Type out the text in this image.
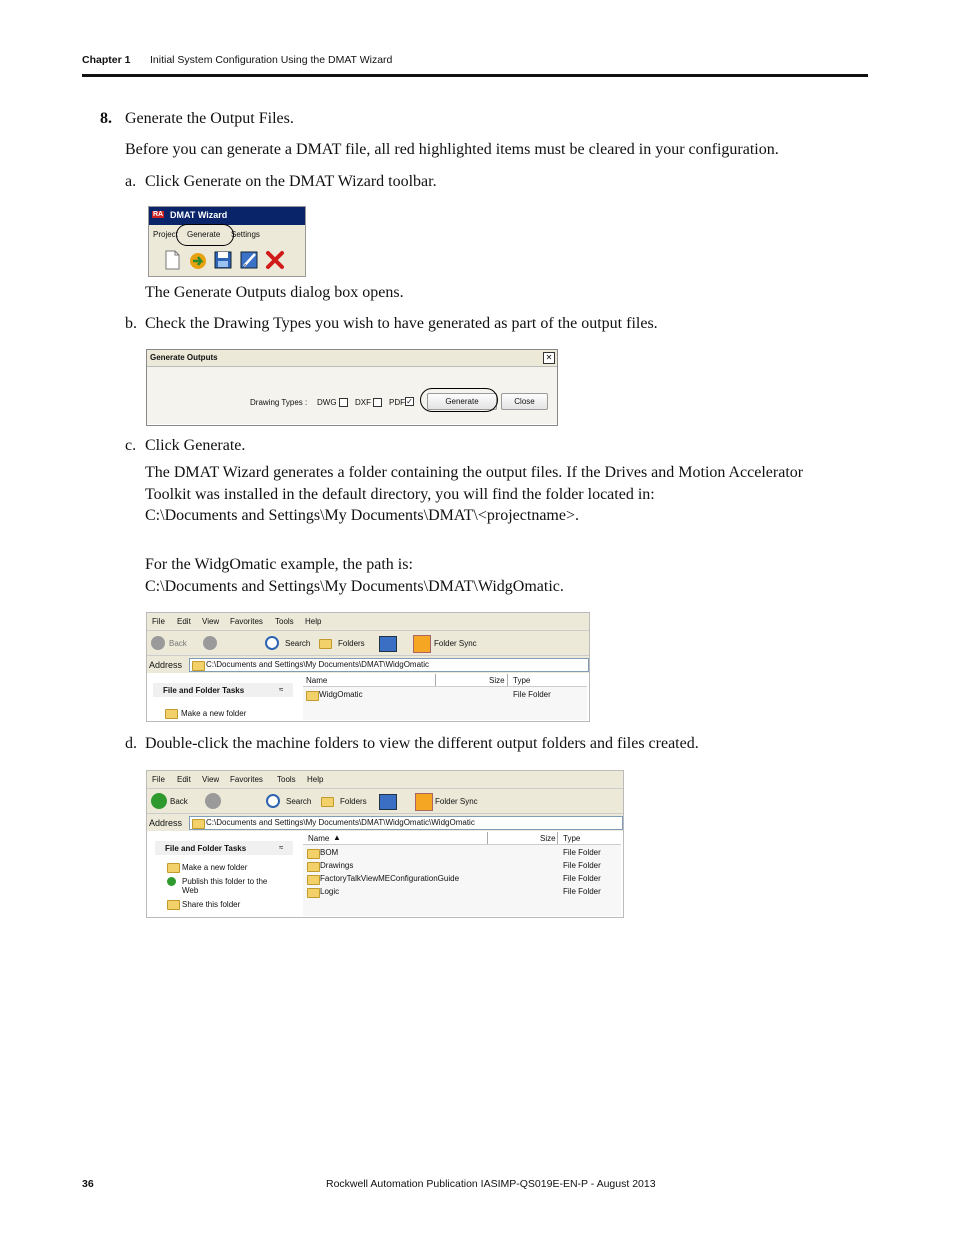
Chapter 1 Initial System Configuration Using the DMAT Wizard
8. Generate the Output Files.
Before you can generate a DMAT file, all red highlighted items must be cleared in your configuration.
a. Click Generate on the DMAT Wizard toolbar.
RA DMAT Wizard
Project Generate Settings
The Generate Outputs dialog box opens.
b. Check the Drawing Types you wish to have generated as part of the output files.
Generate Outputs	✕
Drawing Types : DWG DXF PDF ✓	Generate	Close
c. Click Generate.
The DMAT Wizard generates a folder containing the output files. If the Drives and Motion Accelerator
Toolkit was installed in the default directory, you will find the folder located in:
C:\Documents and Settings\My Documents\DMAT\<projectname>.
For the WidgOmatic example, the path is:
C:\Documents and Settings\My Documents\DMAT\WidgOmatic.
File Edit View Favorites Tools Help
Back	Search	Folders	Folder Sync
Address	C:\Documents and Settings\My Documents\DMAT\WidgOmatic
File and Folder Tasks	≈
Make a new folder
Name	Size Type
WidgOmatic	File Folder
d. Double-click the machine folders to view the different output folders and files created.
File Edit View Favorites Tools Help
Back	Search	Folders	Folder Sync
Address	C:\Documents and Settings\My Documents\DMAT\WidgOmatic\WidgOmatic
File and Folder Tasks	≈
Make a new folder
Publish this folder to the Web
Share this folder
Name ▲	Size Type
BOM	File Folder
Drawings	File Folder
FactoryTalkViewMEConfigurationGuide	File Folder
Logic	File Folder
36	Rockwell Automation Publication IASIMP-QS019E-EN-P - August 2013
